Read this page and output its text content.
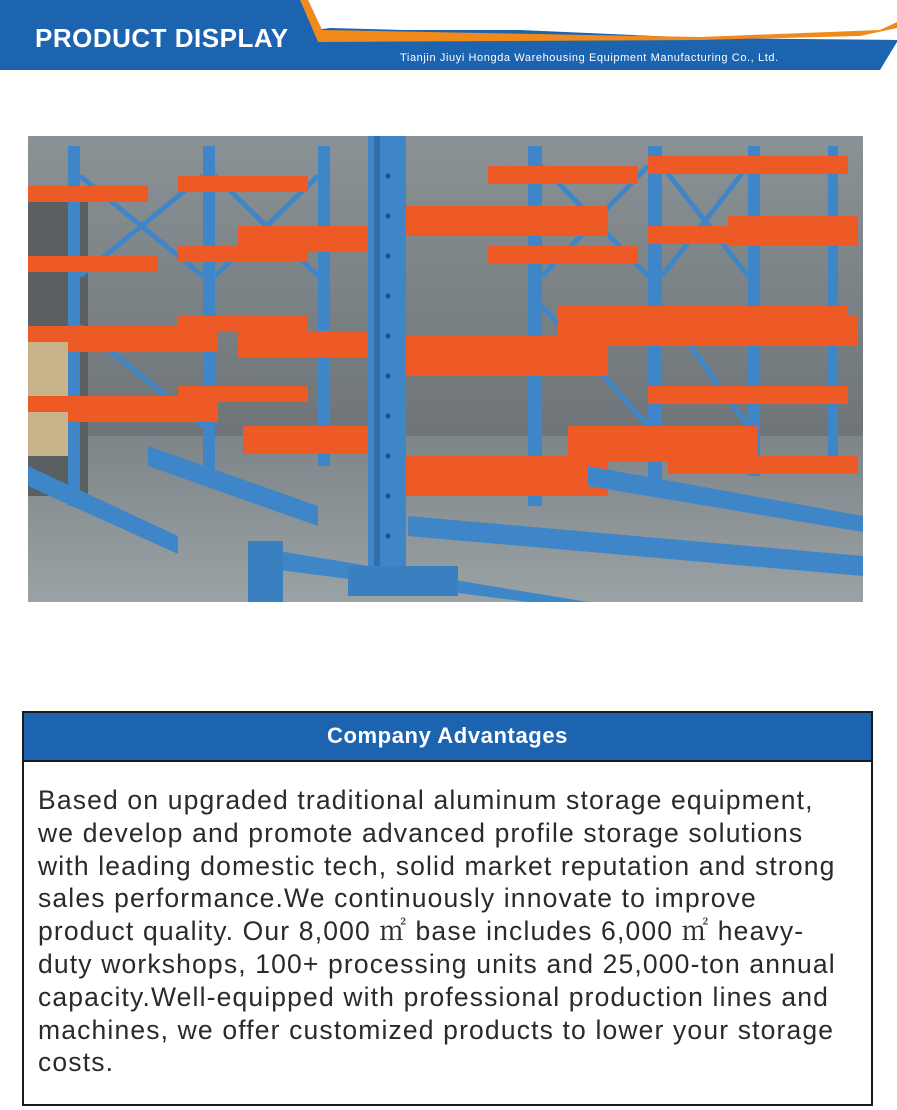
PRODUCT DISPLAY
Tianjin Jiuyi Hongda Warehousing Equipment Manufacturing Co., Ltd.
Company Advantages
Based on upgraded traditional aluminum storage equipment, we develop and promote advanced profile storage solutions with leading domestic tech, solid market reputation and strong sales performance.We continuously innovate to improve product quality. Our 8,000 ㎡ base includes 6,000 ㎡ heavy-duty workshops, 100+ processing units and 25,000-ton annual capacity.Well-equipped with professional production lines and machines, we offer customized products to lower your storage costs.
